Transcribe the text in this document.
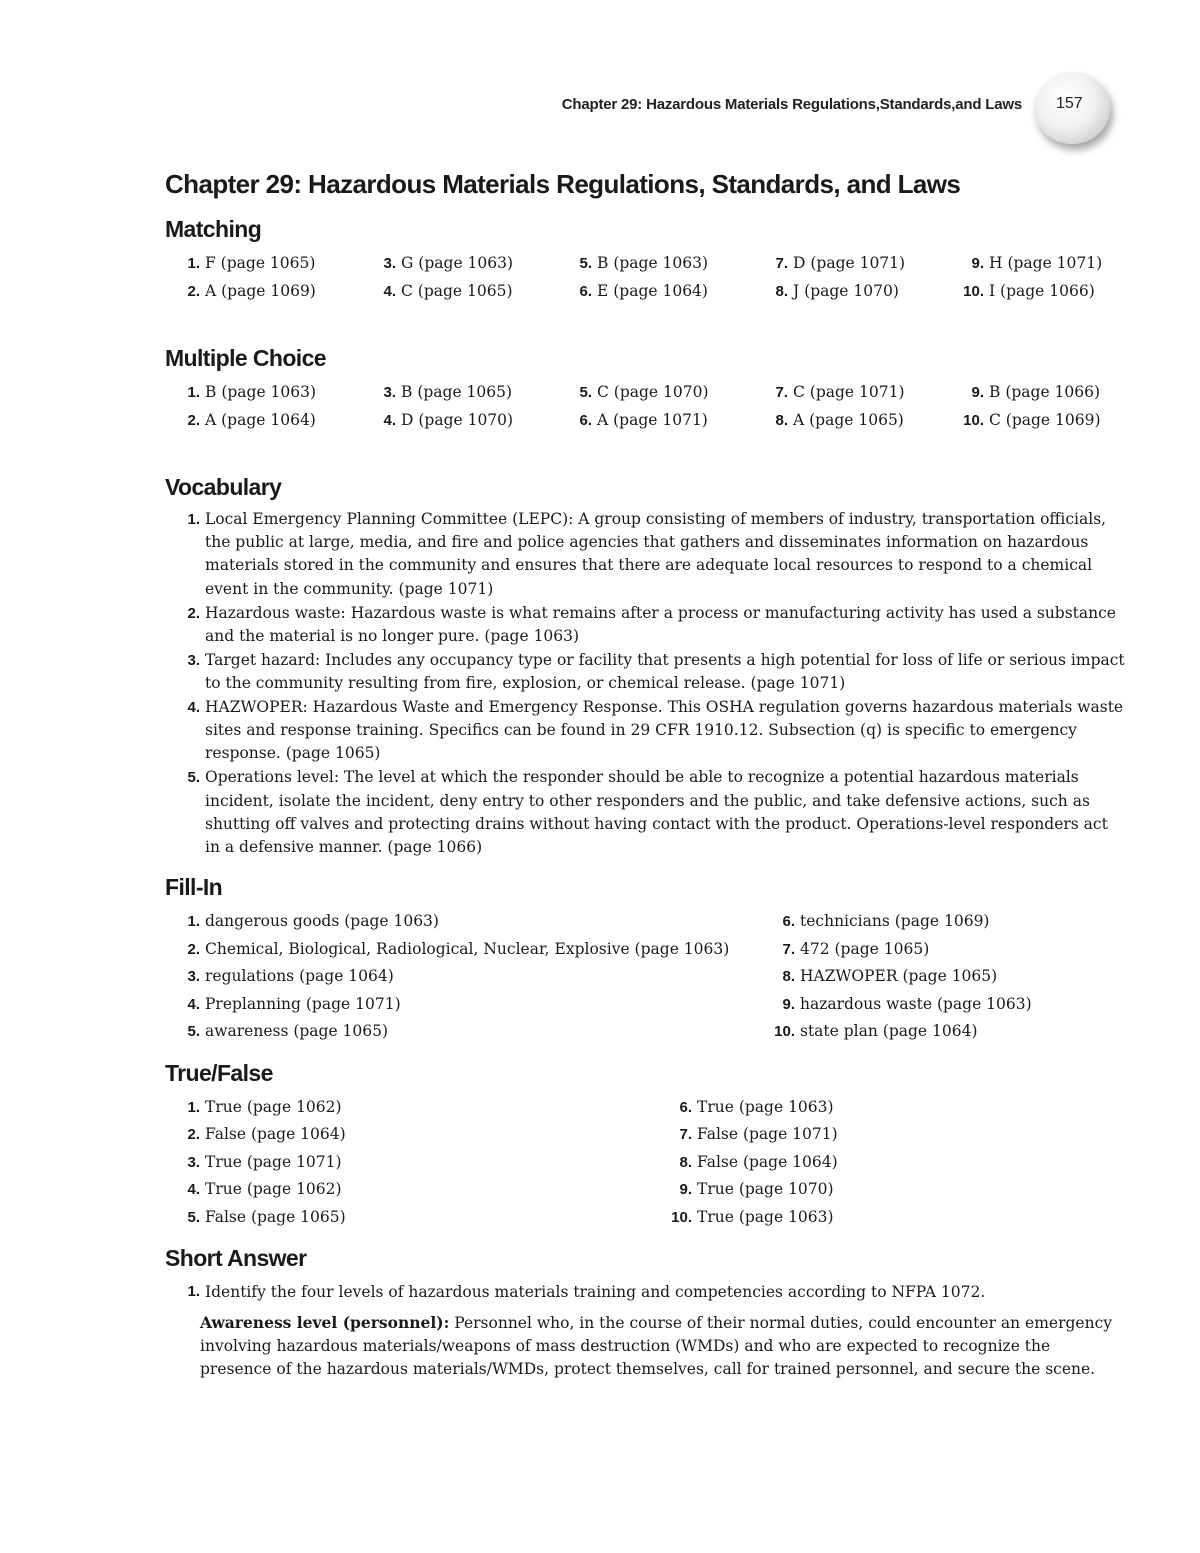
Chapter 29: Hazardous Materials Regulations,Standards,and Laws 157
Chapter 29: Hazardous Materials Regulations, Standards, and Laws
Matching
1. F (page 1065)	3. G (page 1063)	5. B (page 1063)	7. D (page 1071)	9. H (page 1071)
2. A (page 1069)	4. C (page 1065)	6. E (page 1064)	8. J (page 1070)	10. I (page 1066)
Multiple Choice
1. B (page 1063)	3. B (page 1065)	5. C (page 1070)	7. C (page 1071)	9. B (page 1066)
2. A (page 1064)	4. D (page 1070)	6. A (page 1071)	8. A (page 1065)	10. C (page 1069)
Vocabulary
1. Local Emergency Planning Committee (LEPC): A group consisting of members of industry, transportation officials, the public at large, media, and fire and police agencies that gathers and disseminates information on hazardous materials stored in the community and ensures that there are adequate local resources to respond to a chemical event in the community. (page 1071)
2. Hazardous waste: Hazardous waste is what remains after a process or manufacturing activity has used a substance and the material is no longer pure. (page 1063)
3. Target hazard: Includes any occupancy type or facility that presents a high potential for loss of life or serious impact to the community resulting from fire, explosion, or chemical release. (page 1071)
4. HAZWOPER: Hazardous Waste and Emergency Response. This OSHA regulation governs hazardous materials waste sites and response training. Specifics can be found in 29 CFR 1910.12. Subsection (q) is specific to emergency response. (page 1065)
5. Operations level: The level at which the responder should be able to recognize a potential hazardous materials incident, isolate the incident, deny entry to other responders and the public, and take defensive actions, such as shutting off valves and protecting drains without having contact with the product. Operations-level responders act in a defensive manner. (page 1066)
Fill-In
1. dangerous goods (page 1063)	6. technicians (page 1069)
2. Chemical, Biological, Radiological, Nuclear, Explosive (page 1063)	7. 472 (page 1065)
3. regulations (page 1064)	8. HAZWOPER (page 1065)
4. Preplanning (page 1071)	9. hazardous waste (page 1063)
5. awareness (page 1065)	10. state plan (page 1064)
True/False
1. True (page 1062)	6. True (page 1063)
2. False (page 1064)	7. False (page 1071)
3. True (page 1071)	8. False (page 1064)
4. True (page 1062)	9. True (page 1070)
5. False (page 1065)	10. True (page 1063)
Short Answer
1. Identify the four levels of hazardous materials training and competencies according to NFPA 1072.
Awareness level (personnel): Personnel who, in the course of their normal duties, could encounter an emergency involving hazardous materials/weapons of mass destruction (WMDs) and who are expected to recognize the presence of the hazardous materials/WMDs, protect themselves, call for trained personnel, and secure the scene.
